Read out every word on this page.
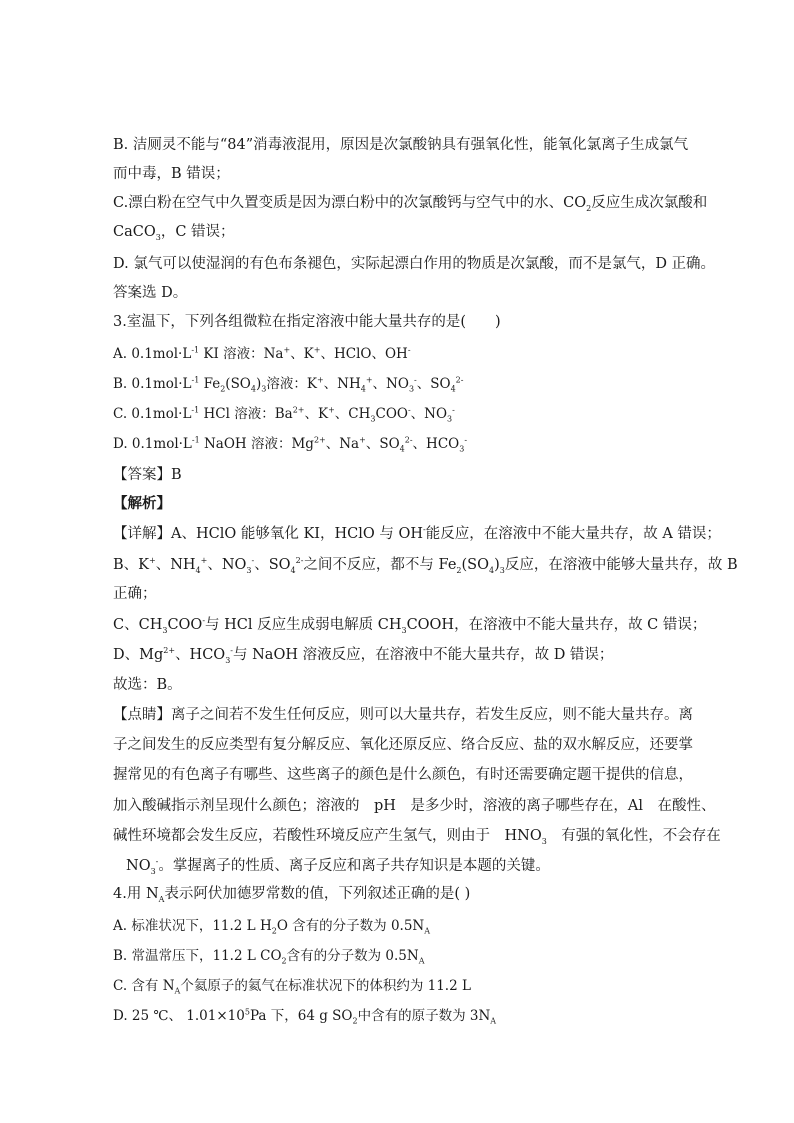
B. 洁厕灵不能与“84”消毒液混用，原因是次氯酸钠具有强氧化性，能氧化氯离子生成氯气
而中毒，B 错误；
C.漂白粉在空气中久置变质是因为漂白粉中的次氯酸钙与空气中的水、$CO_2$反应生成次氯酸和
CaCO$_3$，C 错误；
D. 氯气可以使湿润的有色布条褪色，实际起漂白作用的物质是次氯酸，而不是氯气，D 正确。
答案选 D。
3.室温下，下列各组微粒在指定溶液中能大量共存的是(　　)
A. $0.1mol\cdot L^{-1}$ KI 溶液：Na+、K+、HClO、OH-
B. $0.1mol\cdot L^{-1}$ $Fe_2(SO_4)_3$溶液：K+、$NH_4^+$、$NO_3^-$、$SO_4^{2-}$
C. $0.1mol\cdot L^{-1}$ HCl 溶液：$Ba^{2+}$、K+、$CH_3COO^-$、$NO_3^-$
D. $0.1mol\cdot L^{-1}$ NaOH 溶液：$Mg^{2+}$、Na+、$SO_4^{2-}$、$HCO_3^-$
【答案】B
【解析】
【详解】A、HClO 能够氧化 KI，HClO 与 OH-能反应，在溶液中不能大量共存，故 A 错误；
B、K+、$NH_4^+$、$NO_3^-$、$SO_4^{2-}$之间不反应，都不与 $Fe_2(SO_4)_3$反应，在溶液中能够大量共存，故 B
正确；
C、$CH_3COO^-$与 HCl 反应生成弱电解质 $CH_3COOH$，在溶液中不能大量共存，故 C 错误；
D、$Mg^{2+}$、$HCO_3^-$与 NaOH 溶液反应，在溶液中不能大量共存，故 D 错误；
故选：B。
【点睛】离子之间若不发生任何反应，则可以大量共存，若发生反应，则不能大量共存。离
子之间发生的反应类型有复分解反应、氧化还原反应、络合反应、盐的双水解反应，还要掌
握常见的有色离子有哪些、这些离子的颜色是什么颜色，有时还需要确定题干提供的信息，
加入酸碱指示剂呈现什么颜色；溶液的　pH　是多少时，溶液的离子哪些存在，Al　在酸性、
碱性环境都会发生反应，若酸性环境反应产生氢气，则由于　$HNO_3$　有强的氧化性，不会存在
$NO_3^-$。掌握离子的性质、离子反应和离子共存知识是本题的关键。
4.用 $N_A$表示阿伏加德罗常数的值，下列叙述正确的是( )
A. 标准状况下，11.2 L $H_2O$ 含有的分子数为 $0.5N_A$
B. 常温常压下，11.2 L $CO_2$含有的分子数为 $0.5N_A$
C. 含有 $N_A$个氦原子的氦气在标准状况下的体积约为 11.2 L
D. 25 ℃、 $1.01\times 10^5Pa$ 下，64 g $SO_2$中含有的原子数为 $3N_A$
